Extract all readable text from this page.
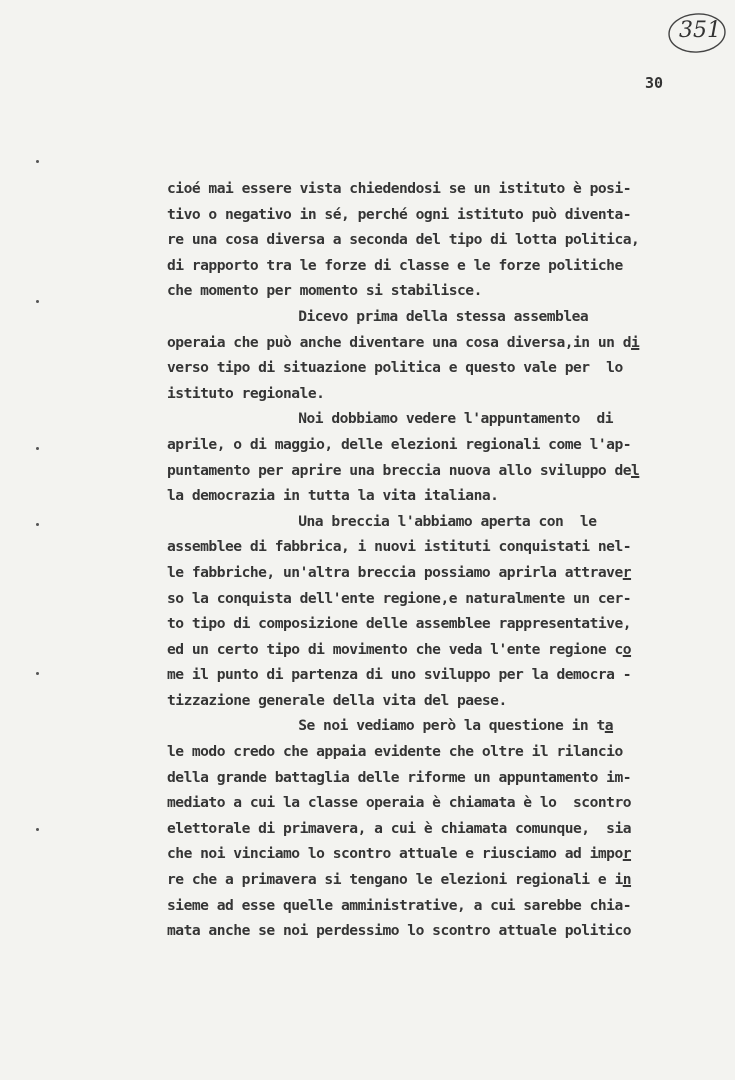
351
30
cioé mai essere vista chiedendosi se un istituto è posi-
tivo o negativo in sé, perché ogni istituto può diventa-
re una cosa diversa a seconda del tipo di lotta politica,
di rapporto tra le forze di classe e le forze politiche
che momento per momento si stabilisce.
Dicevo prima della stessa assemblea
operaia che può anche diventare una cosa diversa,in un di
verso tipo di situazione politica e questo vale per  lo
istituto regionale.
Noi dobbiamo vedere l'appuntamento  di
aprile, o di maggio, delle elezioni regionali come l'ap-
puntamento per aprire una breccia nuova allo sviluppo del
la democrazia in tutta la vita italiana.
Una breccia l'abbiamo aperta con  le
assemblee di fabbrica, i nuovi istituti conquistati nel-
le fabbriche, un'altra breccia possiamo aprirla attraver
so la conquista dell'ente regione,e naturalmente un cer-
to tipo di composizione delle assemblee rappresentative,
ed un certo tipo di movimento che veda l'ente regione co
me il punto di partenza di uno sviluppo per la democra -
tizzazione generale della vita del paese.
Se noi vediamo però la questione in ta
le modo credo che appaia evidente che oltre il rilancio
della grande battaglia delle riforme un appuntamento im-
mediato a cui la classe operaia è chiamata è lo  scontro
elettorale di primavera, a cui è chiamata comunque,  sia
che noi vinciamo lo scontro attuale e riusciamo ad impor
re che a primavera si tengano le elezioni regionali e in
sieme ad esse quelle amministrative, a cui sarebbe chia-
mata anche se noi perdessimo lo scontro attuale politico
